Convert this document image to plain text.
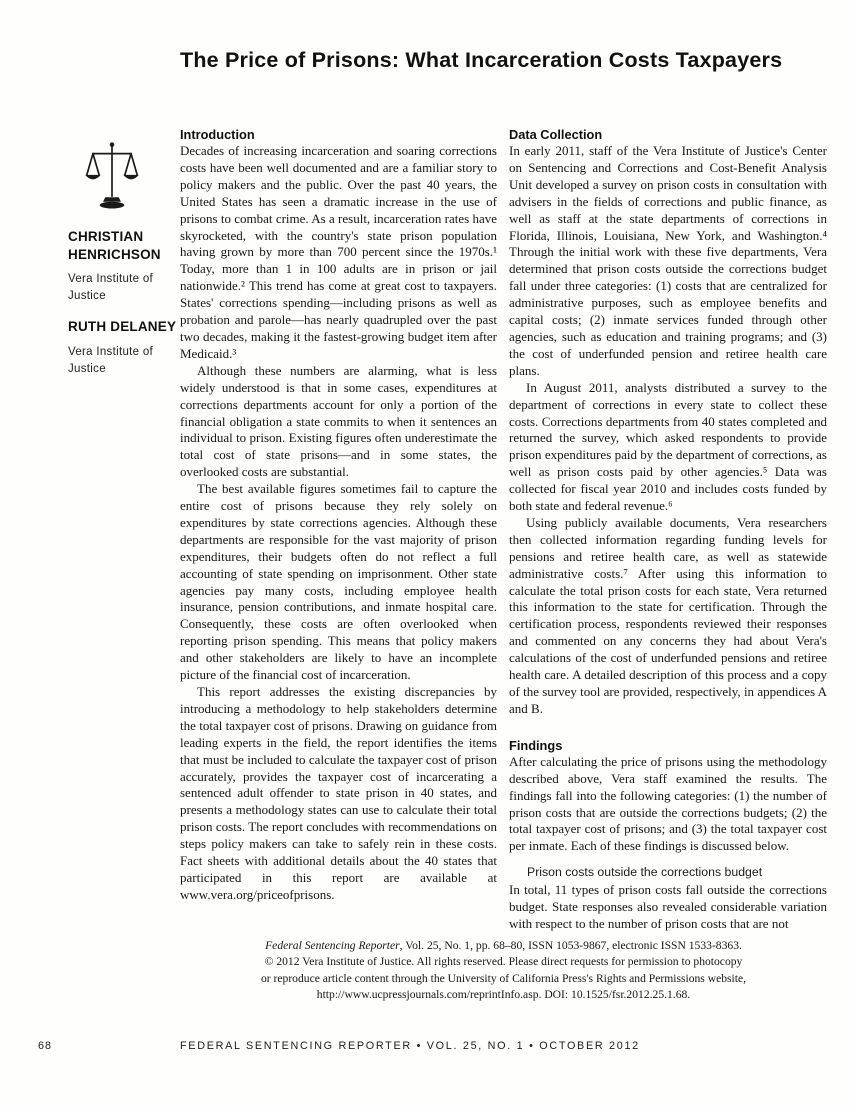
The Price of Prisons: What Incarceration Costs Taxpayers
CHRISTIAN HENRICHSON
Vera Institute of Justice
RUTH DELANEY
Vera Institute of Justice
Introduction

Decades of increasing incarceration and soaring corrections costs have been well documented and are a familiar story to policy makers and the public. Over the past 40 years, the United States has seen a dramatic increase in the use of prisons to combat crime. As a result, incarceration rates have skyrocketed, with the country's state prison population having grown by more than 700 percent since the 1970s.¹ Today, more than 1 in 100 adults are in prison or jail nationwide.² This trend has come at great cost to taxpayers. States' corrections spending—including prisons as well as probation and parole—has nearly quadrupled over the past two decades, making it the fastest-growing budget item after Medicaid.³

Although these numbers are alarming, what is less widely understood is that in some cases, expenditures at corrections departments account for only a portion of the financial obligation a state commits to when it sentences an individual to prison. Existing figures often underestimate the total cost of state prisons—and in some states, the overlooked costs are substantial.

The best available figures sometimes fail to capture the entire cost of prisons because they rely solely on expenditures by state corrections agencies. Although these departments are responsible for the vast majority of prison expenditures, their budgets often do not reflect a full accounting of state spending on imprisonment. Other state agencies pay many costs, including employee health insurance, pension contributions, and inmate hospital care. Consequently, these costs are often overlooked when reporting prison spending. This means that policy makers and other stakeholders are likely to have an incomplete picture of the financial cost of incarceration.

This report addresses the existing discrepancies by introducing a methodology to help stakeholders determine the total taxpayer cost of prisons. Drawing on guidance from leading experts in the field, the report identifies the items that must be included to calculate the taxpayer cost of prison accurately, provides the taxpayer cost of incarcerating a sentenced adult offender to state prison in 40 states, and presents a methodology states can use to calculate their total prison costs. The report concludes with recommendations on steps policy makers can take to safely rein in these costs. Fact sheets with additional details about the 40 states that participated in this report are available at www.vera.org/priceofprisons.

Data Collection

In early 2011, staff of the Vera Institute of Justice's Center on Sentencing and Corrections and Cost-Benefit Analysis Unit developed a survey on prison costs in consultation with advisers in the fields of corrections and public finance, as well as staff at the state departments of corrections in Florida, Illinois, Louisiana, New York, and Washington.⁴ Through the initial work with these five departments, Vera determined that prison costs outside the corrections budget fall under three categories: (1) costs that are centralized for administrative purposes, such as employee benefits and capital costs; (2) inmate services funded through other agencies, such as education and training programs; and (3) the cost of underfunded pension and retiree health care plans.

In August 2011, analysts distributed a survey to the department of corrections in every state to collect these costs. Corrections departments from 40 states completed and returned the survey, which asked respondents to provide prison expenditures paid by the department of corrections, as well as prison costs paid by other agencies.⁵ Data was collected for fiscal year 2010 and includes costs funded by both state and federal revenue.⁶

Using publicly available documents, Vera researchers then collected information regarding funding levels for pensions and retiree health care, as well as statewide administrative costs.⁷ After using this information to calculate the total prison costs for each state, Vera returned this information to the state for certification. Through the certification process, respondents reviewed their responses and commented on any concerns they had about Vera's calculations of the cost of underfunded pensions and retiree health care. A detailed description of this process and a copy of the survey tool are provided, respectively, in appendices A and B.

Findings

After calculating the price of prisons using the methodology described above, Vera staff examined the results. The findings fall into the following categories: (1) the number of prison costs that are outside the corrections budgets; (2) the total taxpayer cost of prisons; and (3) the total taxpayer cost per inmate. Each of these findings is discussed below.

Prison costs outside the corrections budget

In total, 11 types of prison costs fall outside the corrections budget. State responses also revealed considerable variation with respect to the number of prison costs that are not

Federal Sentencing Reporter, Vol. 25, No. 1, pp. 68–80, ISSN 1053-9867, electronic ISSN 1533-8363.
© 2012 Vera Institute of Justice. All rights reserved. Please direct requests for permission to photocopy
or reproduce article content through the University of California Press's Rights and Permissions website,
http://www.ucpressjournals.com/reprintInfo.asp. DOI: 10.1525/fsr.2012.25.1.68.
68	FEDERAL SENTENCING REPORTER • VOL. 25, NO. 1 • OCTOBER 2012
